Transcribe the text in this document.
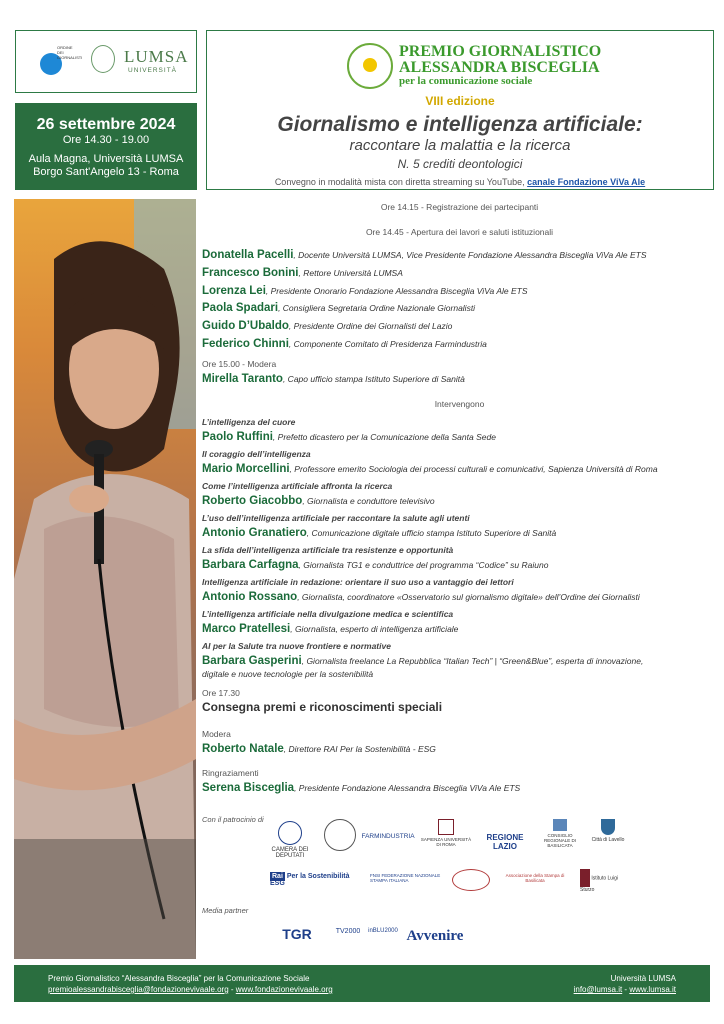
ORDINE DEI GIORNALISTI LUMSA
UNIVERSITÀ
26 settembre 2024
Ore 14.30 - 19.00
Aula Magna, Università LUMSA
Borgo Sant'Angelo 13 - Roma
PREMIO GIORNALISTICO
ALESSANDRA BISCEGLIA
per la comunicazione sociale
VIII edizione
Giornalismo e intelligenza artificiale:
raccontare la malattia e la ricerca
N. 5 crediti deontologici
Convegno in modalità mista con diretta streaming su YouTube, canale Fondazione ViVa Ale
Ore 14.15 - Registrazione dei partecipanti
Ore 14.45 - Apertura dei lavori e saluti istituzionali
Donatella Pacelli, Docente Università LUMSA, Vice Presidente Fondazione Alessandra Bisceglia ViVa Ale ETS
Francesco Bonini, Rettore Università LUMSA
Lorenza Lei, Presidente Onorario Fondazione Alessandra Bisceglia ViVa Ale ETS
Paola Spadari, Consigliera Segretaria Ordine Nazionale Giornalisti
Guido D’Ubaldo, Presidente Ordine dei Giornalisti del Lazio
Federico Chinni, Componente Comitato di Presidenza Farmindustria
Ore 15.00 - Modera
Mirella Taranto, Capo ufficio stampa Istituto Superiore di Sanità
Intervengono
L’intelligenza del cuore
Paolo Ruffini, Prefetto dicastero per la Comunicazione della Santa Sede
Il coraggio dell’intelligenza
Mario Morcellini, Professore emerito Sociologia dei processi culturali e comunicativi, Sapienza Università di Roma
Come l’intelligenza artificiale affronta la ricerca
Roberto Giacobbo, Giornalista e conduttore televisivo
L’uso dell’intelligenza artificiale per raccontare la salute agli utenti
Antonio Granatiero, Comunicazione digitale ufficio stampa Istituto Superiore di Sanità
La sfida dell’intelligenza artificiale tra resistenze e opportunità
Barbara Carfagna, Giornalista TG1 e conduttrice del programma “Codice” su Raiuno
Intelligenza artificiale in redazione: orientare il suo uso a vantaggio dei lettori
Antonio Rossano, Giornalista, coordinatore «Osservatorio sul giornalismo digitale» dell’Ordine dei Giornalisti
L’intelligenza artificiale nella divulgazione medica e scientifica
Marco Pratellesi, Giornalista, esperto di intelligenza artificiale
AI per la Salute tra nuove frontiere e normative
Barbara Gasperini, Giornalista freelance La Repubblica “Italian Tech” | “Green&Blue”, esperta di innovazione,
digitale e nuove tecnologie per la sostenibilità
Ore 17.30
Consegna premi e riconoscimenti speciali
Modera
Roberto Natale, Direttore RAI Per la Sostenibilità - ESG
Ringraziamenti
Serena Bisceglia, Presidente Fondazione Alessandra Bisceglia ViVa Ale ETS
Con il patrocinio di
CAMERA DEI DEPUTATI
FARMINDUSTRIA	SAPIENZA UNIVERSITÀ DI ROMA
REGIONE LAZIO
CONSIGLIO REGIONALE DI BASILICATA
Città di Lavello
Rai Per la Sostenibilità ESG
FNSI FEDERAZIONE NAZIONALE STAMPA ITALIANA
Associazione della Stampa di Basilicata	Istituto Luigi Sturzo
Media partner
TGR	TV2000	inBLU2000 Avvenire
Premio Giornalistico “Alessandra Bisceglia” per la Comunicazione Sociale
premioalessandrabisceglia@fondazionevivaale.org - www.fondazionevivaale.org
Università LUMSA
info@lumsa.it - www.lumsa.it
